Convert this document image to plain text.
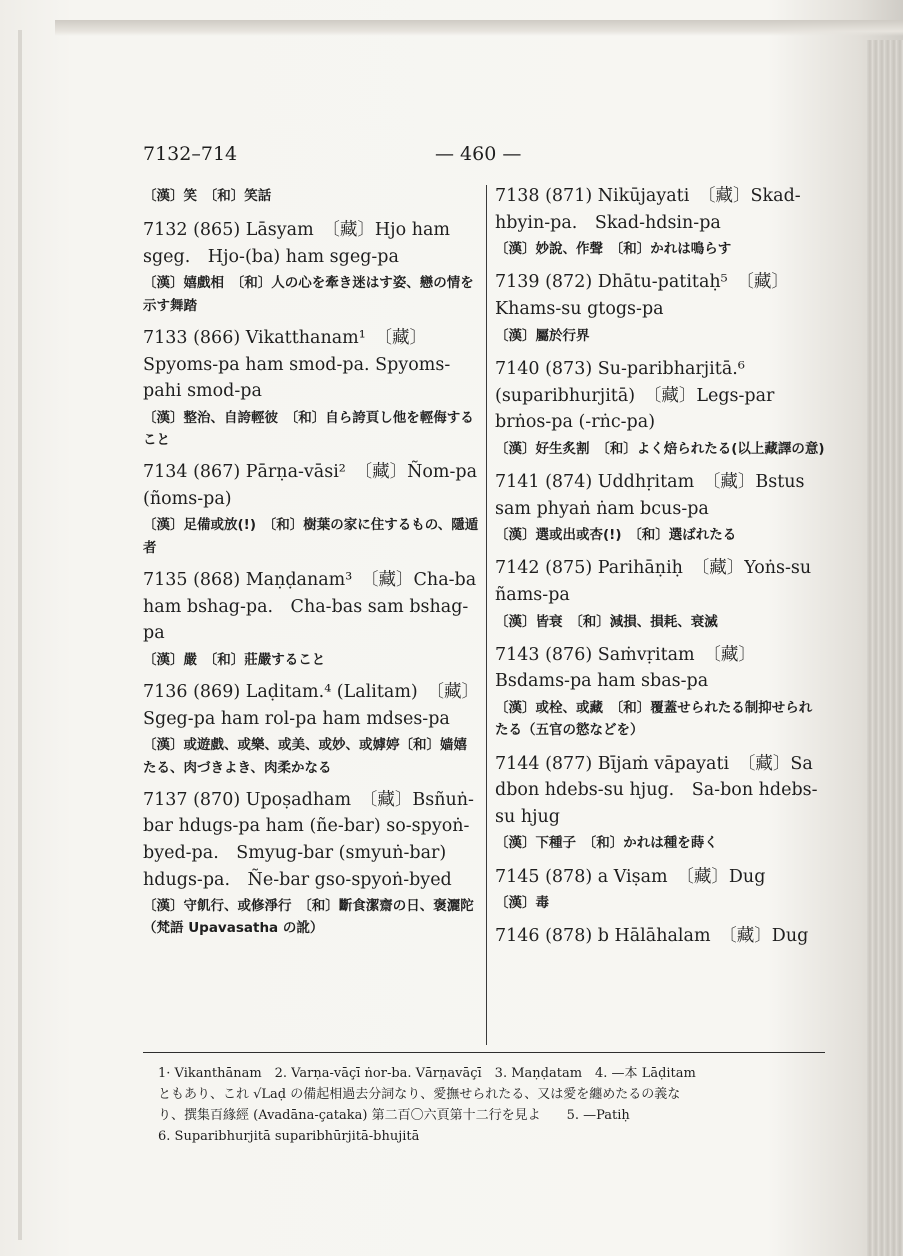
7132–714	— 460 —
〔漢〕笑　〔和〕笑話
7132 (865) Lāsyam　〔藏〕Hjo ham sgeg.　Hjo-(ba) ham sgeg-pa
〔漢〕嬉戲相　〔和〕人の心を牽き迷はす姿、戀の情を示す舞踏
7133 (866) Vikatthanam¹　〔藏〕Spyoms-pa ham smod-pa. Spyoms-pahi smod-pa
〔漢〕整治、自誇輕彼　〔和〕自ら誇頁し他を輕侮すること
7134 (867) Pārṇa-vāsi²　〔藏〕Ñom-pa (ñoms-pa)
〔漢〕足備或放(!)　〔和〕樹葉の家に住するもの、隱遁者
7135 (868) Maṇḍanam³　〔藏〕Cha-ba ham bshag-pa.　Cha-bas sam bshag-pa
〔漢〕嚴　〔和〕莊嚴すること
7136 (869) Laḍitam.⁴ (Lalitam)　〔藏〕Sgeg-pa ham rol-pa ham mdses-pa
〔漢〕或遊戲、或樂、或美、或妙、或嫭婷〔和〕嫱嬉たる、肉づきよき、肉柔かなる
7137 (870) Upoṣadham　〔藏〕Bsñuṅ-bar hdugs-pa ham (ñe-bar) so-spyoṅ-byed-pa.　Smyug-bar (smyuṅ-bar) hdugs-pa.　Ñe-bar gso-spyoṅ-byed
〔漢〕守飢行、或修淨行　〔和〕斷食潔齋の日、褒灑陀（梵語 Upavasatha の訛）
7138 (871) Nikūjayati　〔藏〕Skad-hbyin-pa.　Skad-hdsin-pa
〔漢〕妙說、作聲　〔和〕かれは鳴らす
7139 (872) Dhātu-patitaḥ⁵　〔藏〕Khams-su gtogs-pa
〔漢〕屬於行界
7140 (873) Su-paribharjitā.⁶ (suparibhurjitā)　〔藏〕Legs-par brṅos-pa (-rṅc-pa)
〔漢〕好生炙割　〔和〕よく焙られたる(以上藏譯の意)
7141 (874) Uddhṛitam　〔藏〕Bstus sam phyaṅ ṅam bcus-pa
〔漢〕選或出或杏(!)　〔和〕選ばれたる
7142 (875) Parihāṇiḥ　〔藏〕Yoṅs-su ñams-pa
〔漢〕皆衰　〔和〕減損、損耗、衰滅
7143 (876) Saṁvṛitam　〔藏〕Bsdams-pa ham sbas-pa
〔漢〕或栓、或藏　〔和〕覆蓋せられたる制抑せられたる（五官の慾などを）
7144 (877) Bījaṁ vāpayati　〔藏〕Sa dbon hdebs-su hjug.　Sa-bon hdebs-su hjug
〔漢〕下種子　〔和〕かれは種を蒔く
7145 (878) a Viṣam　〔藏〕Dug
〔漢〕毒
7146 (878) b Hālāhalam　〔藏〕Dug
1· Vikanthānam　2. Varṇa-vāçī ṅor-ba. Vārṇavāçī　3. Maṇḍatam　4. —本 Lāḍitam
ともあり、これ √Laḍ の備起相過去分詞なり、愛撫せられたる、又は愛を纏めたるの義な
り、撰集百緣經 (Avadāna-çataka) 第二百〇六頁第十二行を見よ　　5. —Patiḥ
6. Suparibhurjitā suparibhūrjitā-bhujitā
